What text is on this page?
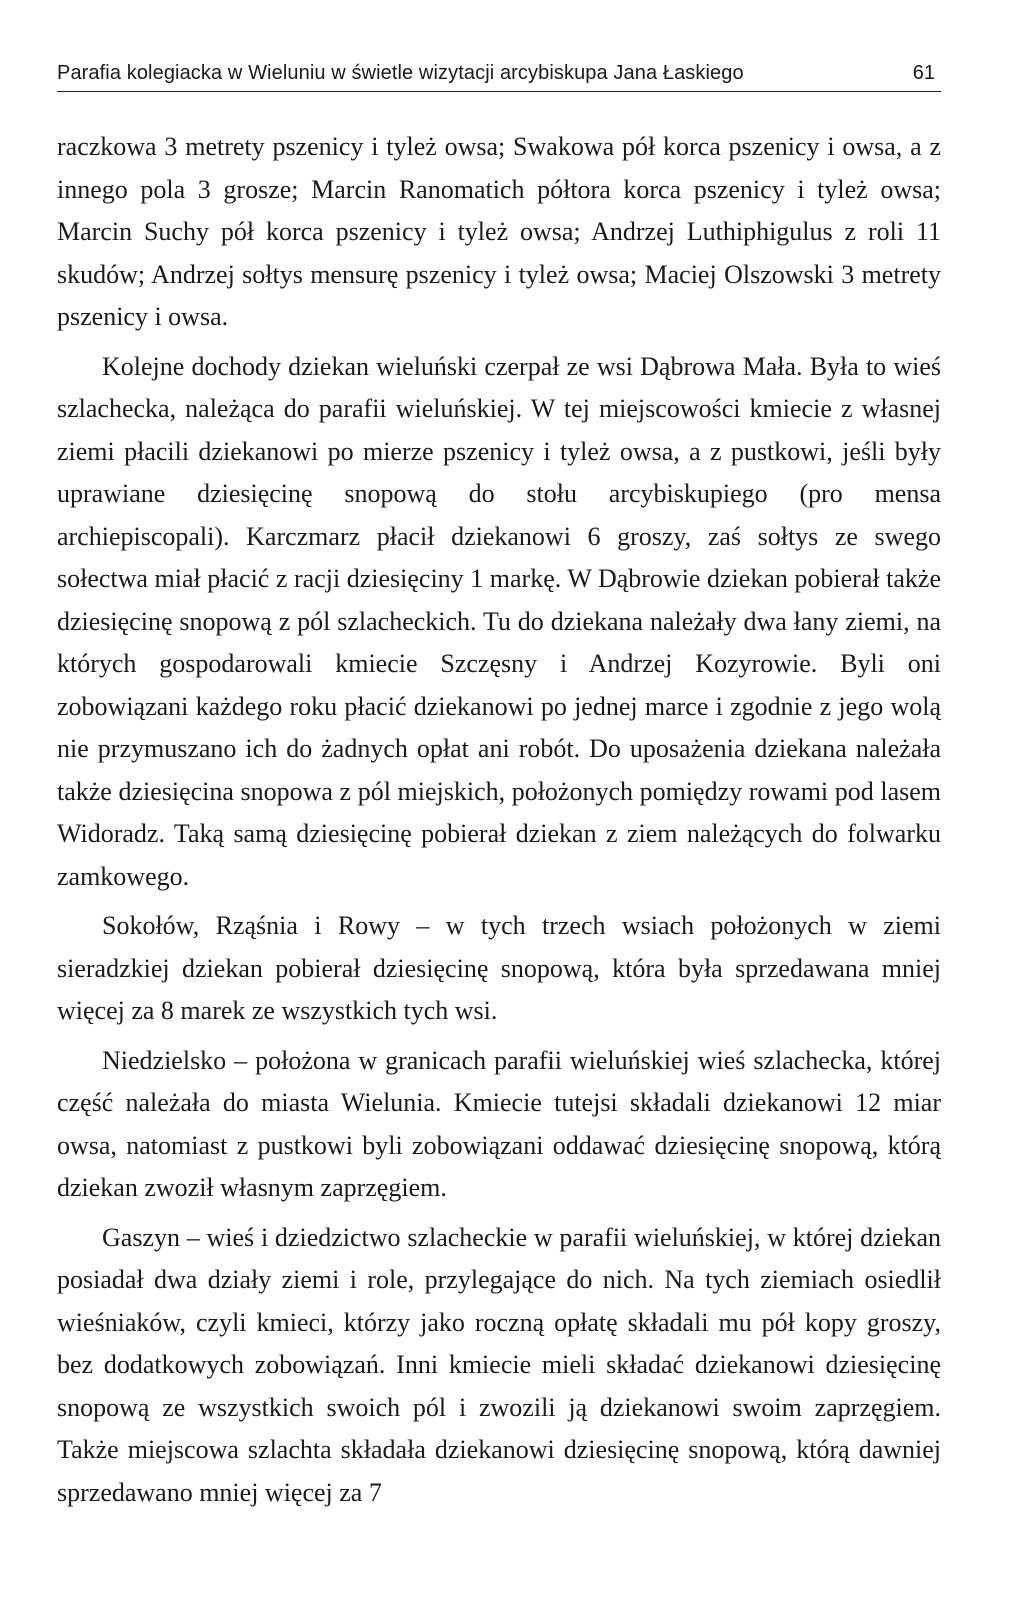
Parafia kolegiacka w Wieluniu w świetle wizytacji arcybiskupa Jana Łaskiego	61

raczkowa 3 metrety pszenicy i tyleż owsa; Swakowa pół korca pszenicy i owsa, a z innego pola 3 grosze; Marcin Ranomatich półtora korca pszenicy i tyleż owsa; Marcin Suchy pół korca pszenicy i tyleż owsa; Andrzej Luthiphigulus z roli 11 skudów; Andrzej sołtys mensurę pszenicy i tyleż owsa; Maciej Olszowski 3 metrety pszenicy i owsa.

Kolejne dochody dziekan wieluński czerpał ze wsi Dąbrowa Mała. Była to wieś szlachecka, należąca do parafii wieluńskiej. W tej miejscowości kmiecie z własnej ziemi płacili dziekanowi po mierze pszenicy i tyleż owsa, a z pustkowi, jeśli były uprawiane dziesięcinę snopową do stołu arcybiskupiego (pro mensa archiepiscopali). Karczmarz płacił dziekanowi 6 groszy, zaś sołtys ze swego sołectwa miał płacić z racji dziesięciny 1 markę. W Dąbrowie dziekan pobierał także dziesięcinę snopową z pól szlacheckich. Tu do dziekana należały dwa łany ziemi, na których gospodarowali kmiecie Szczęsny i Andrzej Kozyrowie. Byli oni zobowiązani każdego roku płacić dziekanowi po jednej marce i zgodnie z jego wolą nie przymuszano ich do żadnych opłat ani robót. Do uposażenia dziekana należała także dziesięcina snopowa z pól miejskich, położonych pomiędzy rowami pod lasem Widoradz. Taką samą dziesięcinę pobierał dziekan z ziem należących do folwarku zamkowego.

Sokołów, Rząśnia i Rowy – w tych trzech wsiach położonych w ziemi sieradzkiej dziekan pobierał dziesięcinę snopową, która była sprzedawana mniej więcej za 8 marek ze wszystkich tych wsi.

Niedzielsko – położona w granicach parafii wieluńskiej wieś szlachecka, której część należała do miasta Wielunia. Kmiecie tutejsi składali dziekanowi 12 miar owsa, natomiast z pustkowi byli zobowiązani oddawać dziesięcinę snopową, którą dziekan zwoził własnym zaprzęgiem.

Gaszyn – wieś i dziedzictwo szlacheckie w parafii wieluńskiej, w której dziekan posiadał dwa działy ziemi i role, przylegające do nich. Na tych ziemiach osiedlił wieśniaków, czyli kmieci, którzy jako roczną opłatę składali mu pół kopy groszy, bez dodatkowych zobowiązań. Inni kmiecie mieli składać dziekanowi dziesięcinę snopową ze wszystkich swoich pól i zwozili ją dziekanowi swoim zaprzęgiem. Także miejscowa szlachta składała dziekanowi dziesięcinę snopową, którą dawniej sprzedawano mniej więcej za 7
